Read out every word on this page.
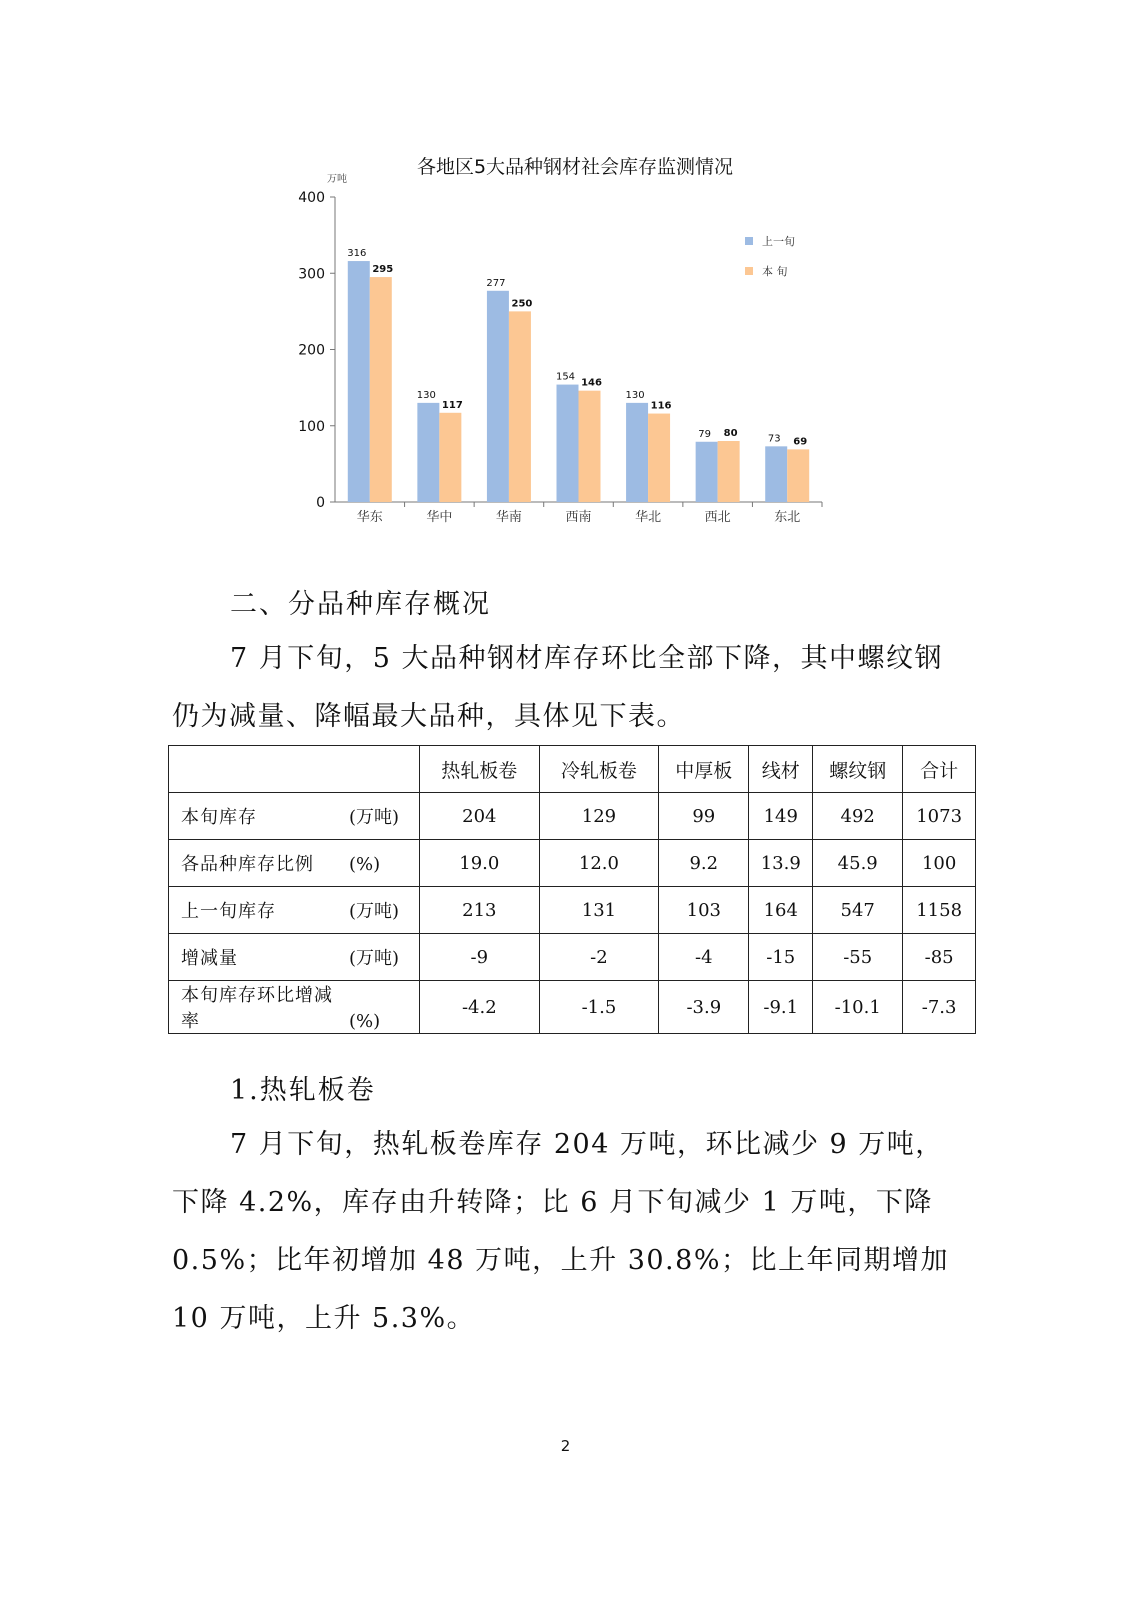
各地区5大品种钢材社会库存监测情况
万吨
0
100
200
300
400
316
295
华东
130
117
华中
277
250
华南
154
146
西南
130
116
华北
79 80
西北
73 69
东北
上一旬
本 旬
二、分品种库存概况

7 月下旬，5 大品种钢材库存环比全部下降，其中螺纹钢仍为减量、降幅最大品种，具体见下表。

	热轧板卷	冷轧板卷	中厚板	线材	螺纹钢	合计
本旬库存 (万吨)	204	129	99	149	492	1073
各品种库存比例 (%)	19.0	12.0	9.2	13.9	45.9	100
上一旬库存 (万吨)	213	131	103	164	547	1158
增减量 (万吨)	-9	-2	-4	-15	-55	-85
本旬库存环比增减率 (%)	-4.2	-1.5	-3.9	-9.1	-10.1	-7.3
1.热轧板卷

7 月下旬，热轧板卷库存 204 万吨，环比减少 9 万吨，下降 4.2%，库存由升转降；比 6 月下旬减少 1 万吨，下降 0.5%；比年初增加 48 万吨，上升 30.8%；比上年同期增加 10 万吨，上升 5.3%。

2
